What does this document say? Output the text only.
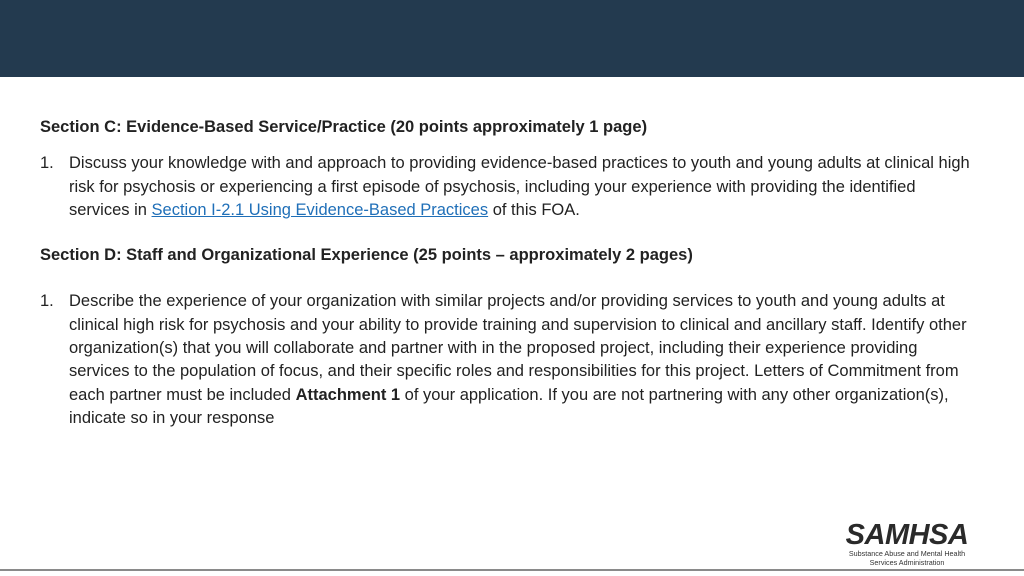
Section C: Evidence-Based Service/Practice (20 points approximately 1 page)

1. Discuss your knowledge with and approach to providing evidence-based practices to youth and young adults at clinical high risk for psychosis or experiencing a first episode of psychosis, including your experience with providing the identified services in Section I-2.1 Using Evidence-Based Practices of this FOA.

Section D: Staff and Organizational Experience (25 points – approximately 2 pages)

1. Describe the experience of your organization with similar projects and/or providing services to youth and young adults at clinical high risk for psychosis and your ability to provide training and supervision to clinical and ancillary staff. Identify other organization(s) that you will collaborate and partner with in the proposed project, including their experience providing services to the population of focus, and their specific roles and responsibilities for this project. Letters of Commitment from each partner must be included Attachment 1 of your application. If you are not partnering with any other organization(s), indicate so in your response
SAMHSA
Substance Abuse and Mental Health
Services Administration
